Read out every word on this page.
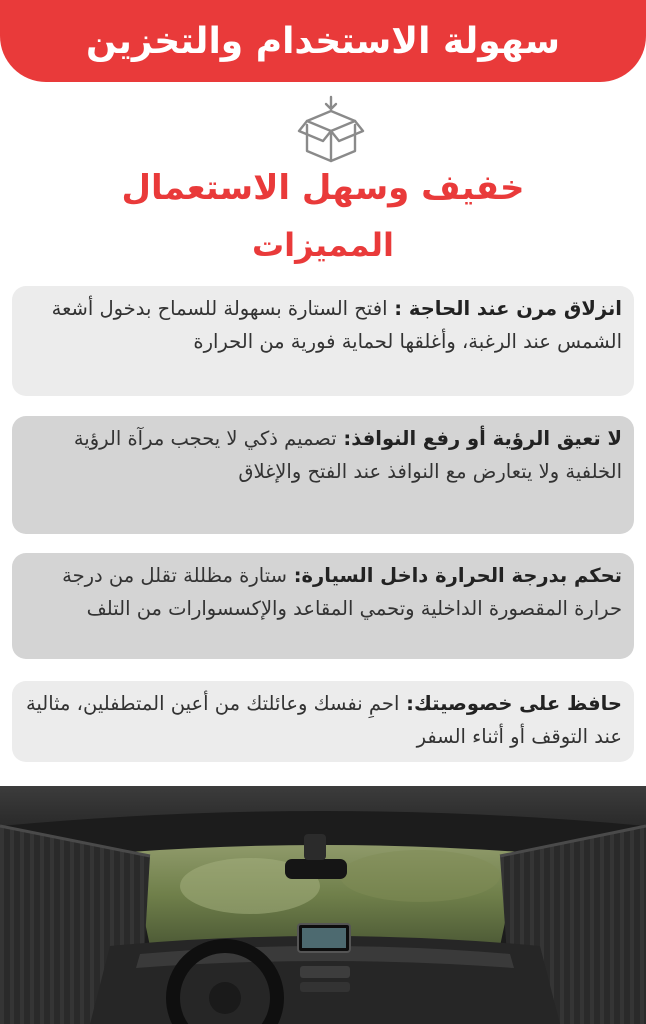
سهولة الاستخدام والتخزين
خفيف وسهل الاستعمال
المميزات
انزلاق مرن عند الحاجة : افتح الستارة بسهولة للسماح بدخول أشعة الشمس عند الرغبة، وأغلقها لحماية فورية من الحرارة
لا تعيق الرؤية أو رفع النوافذ: تصميم ذكي لا يحجب مرآة الرؤية الخلفية ولا يتعارض مع النوافذ عند الفتح والإغلاق
تحكم بدرجة الحرارة داخل السيارة: ستارة مظللة تقلل من درجة حرارة المقصورة الداخلية وتحمي المقاعد والإكسسوارات من التلف
حافظ على خصوصيتك: احمِ نفسك وعائلتك من أعين المتطفلين، مثالية عند التوقف أو أثناء السفر
